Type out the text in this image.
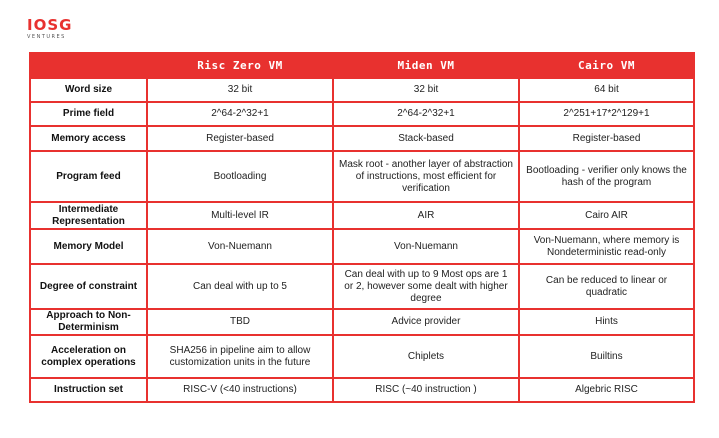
IOSG
VENTURES
	Risc Zero VM	Miden VM	Cairo VM
Word size	32 bit	32 bit	64 bit
Prime field	2^64-2^32+1	2^64-2^32+1	2^251+17*2^129+1
Memory access	Register-based	Stack-based	Register-based
Program feed	Bootloading	Mask root - another layer of abstraction of instructions, most efficient for verification	Bootloading - verifier only knows the hash of the program
Intermediate Representation	Multi-level IR	AIR	Cairo AIR
Memory Model	Von-Nuemann	Von-Nuemann	Von-Nuemann, where memory is Nondeterministic read-only
Degree of constraint	Can deal with up to 5	Can deal with up to 9 Most ops are 1 or 2, however some dealt with higher degree	Can be reduced to linear or quadratic
Approach to Non-Determinism	TBD	Advice provider	Hints
Acceleration on complex operations	SHA256 in pipeline aim to allow customization units in the future	Chiplets	Builtins
Instruction set	RISC-V (<40 instructions)	RISC (~40 instruction )	Algebric RISC
